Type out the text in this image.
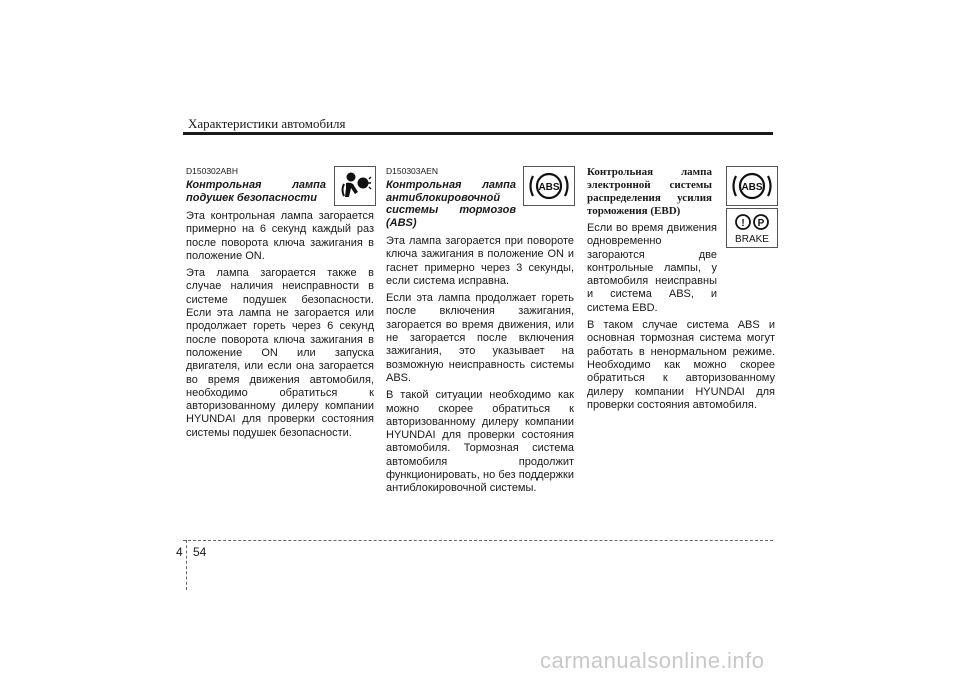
Характеристики автомобиля
D150302ABH
Контрольная лампа подушек безопасности

Эта контрольная лампа загорается примерно на 6 секунд каждый раз после поворота ключа зажигания в положение ON.

Эта лампа загорается также в случае наличия неисправности в системе подушек безопасности. Если эта лампа не загорается или продолжает гореть через 6 секунд после поворота ключа зажигания в положение ON или запуска двигателя, или если она загорается во время движения автомобиля, необходимо обратиться к авторизованному дилеру компании HYUNDAI для проверки состояния системы подушек безопасности.

D150303AEN
Контрольная лампа антиблокировочной системы тормозов (ABS)

Эта лампа загорается при повороте ключа зажигания в положение ON и гаснет примерно через 3 секунды, если система исправна.

Если эта лампа продолжает гореть после включения зажигания, загорается во время движения, или не загорается после включения зажигания, это указывает на возможную неисправность системы ABS.

В такой ситуации необходимо как можно скорее обратиться к авторизованному дилеру компании HYUNDAI для проверки состояния автомобиля. Тормозная система автомобиля продолжит функционировать, но без поддержки антиблокировочной системы.

ABS
Контрольная лампа электронной системы распределения усилия торможения (EBD)

Если во время движения одновременно загораются две контрольные лампы, у автомобиля неисправны и система ABS, и система EBD.

В таком случае система ABS и основная тормозная система могут работать в ненормальном режиме. Необходимо как можно скорее обратиться к авторизованному дилеру компании HYUNDAI для проверки состояния автомобиля.

ABS
! P
BRAKE
4 54
carmanualsonline.info
